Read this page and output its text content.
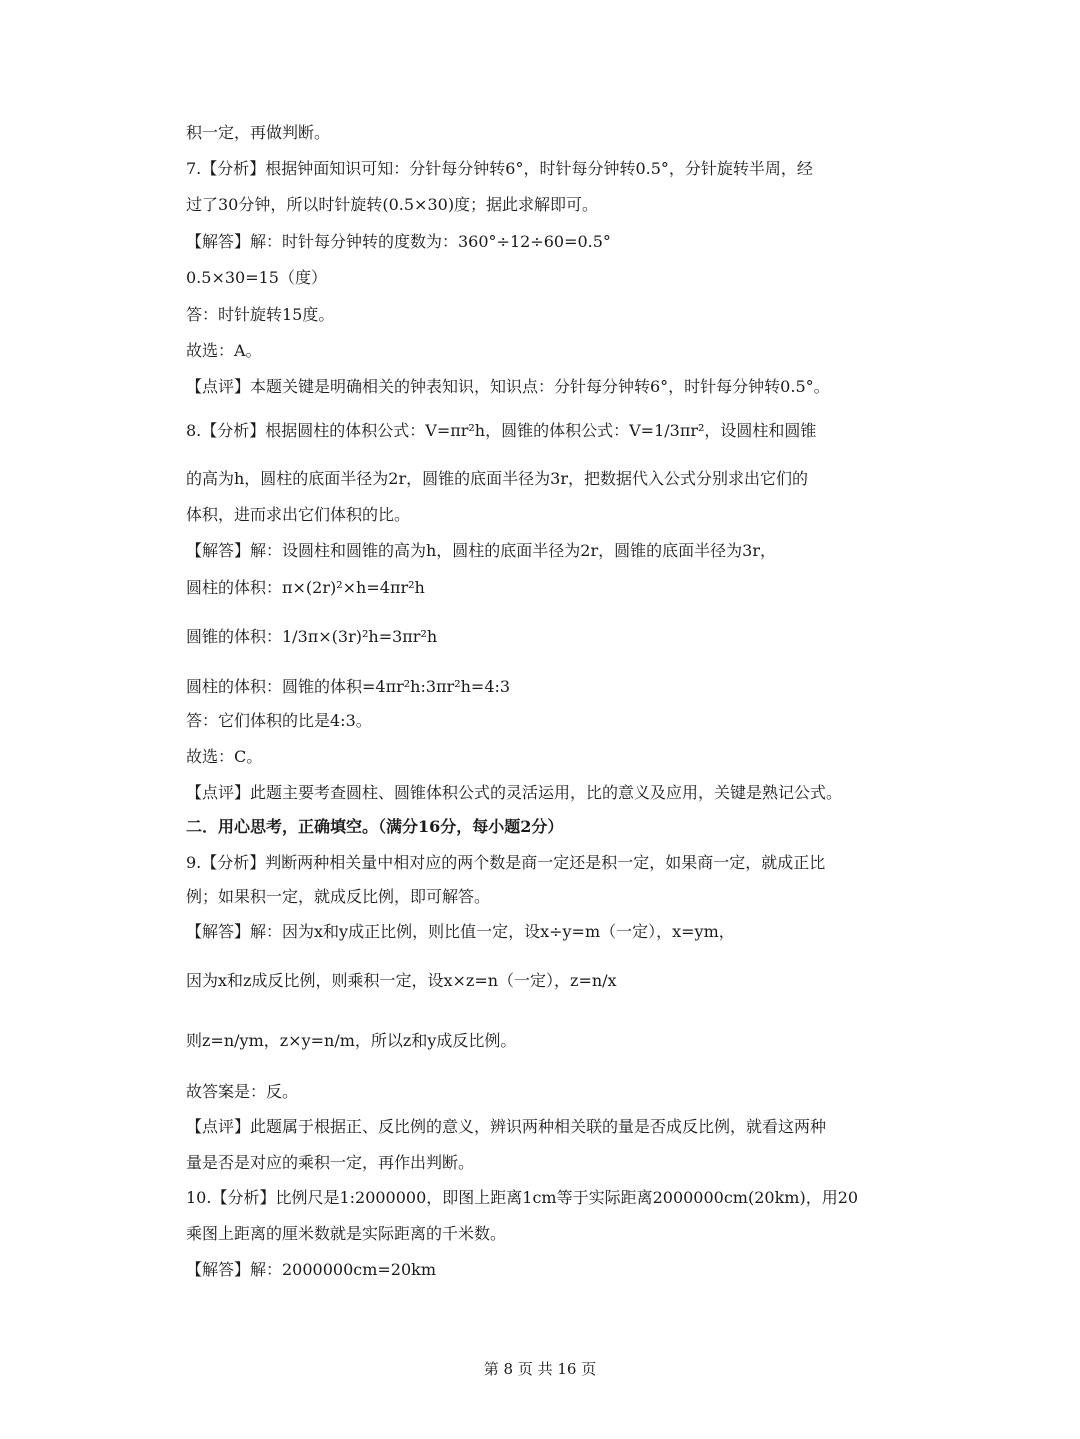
积一定，再做判断。
7.【分析】根据钟面知识可知：分针每分钟转6°，时针每分钟转0.5°，分针旋转半周，经
过了30分钟，所以时针旋转(0.5×30)度；据此求解即可。
【解答】解：时针每分钟转的度数为：360°÷12÷60=0.5°
0.5×30=15（度）
答：时针旋转15度。
故选：A。
【点评】本题关键是明确相关的钟表知识，知识点：分针每分钟转6°，时针每分钟转0.5°。
8.【分析】根据圆柱的体积公式：V=πr²h，圆锥的体积公式：V=1/3πr²，设圆柱和圆锥
的高为h，圆柱的底面半径为2r，圆锥的底面半径为3r，把数据代入公式分别求出它们的
体积，进而求出它们体积的比。
【解答】解：设圆柱和圆锥的高为h，圆柱的底面半径为2r，圆锥的底面半径为3r，
圆柱的体积：π×(2r)²×h=4πr²h
圆锥的体积：1/3π×(3r)²h=3πr²h
圆柱的体积：圆锥的体积=4πr²h:3πr²h=4:3
答：它们体积的比是4:3。
故选：C。
【点评】此题主要考查圆柱、圆锥体积公式的灵活运用，比的意义及应用，关键是熟记公式。
二．用心思考，正确填空。（满分16分，每小题2分）
9.【分析】判断两种相关量中相对应的两个数是商一定还是积一定，如果商一定，就成正比
例；如果积一定，就成反比例，即可解答。
【解答】解：因为x和y成正比例，则比值一定，设x÷y=m（一定），x=ym，
因为x和z成反比例，则乘积一定，设x×z=n（一定），z=n/x
则z=n/ym，z×y=n/m，所以z和y成反比例。
故答案是：反。
【点评】此题属于根据正、反比例的意义，辨识两种相关联的量是否成反比例，就看这两种
量是否是对应的乘积一定，再作出判断。
10.【分析】比例尺是1:2000000，即图上距离1cm等于实际距离2000000cm(20km)，用20
乘图上距离的厘米数就是实际距离的千米数。
【解答】解：2000000cm=20km
第 8 页 共 16 页
